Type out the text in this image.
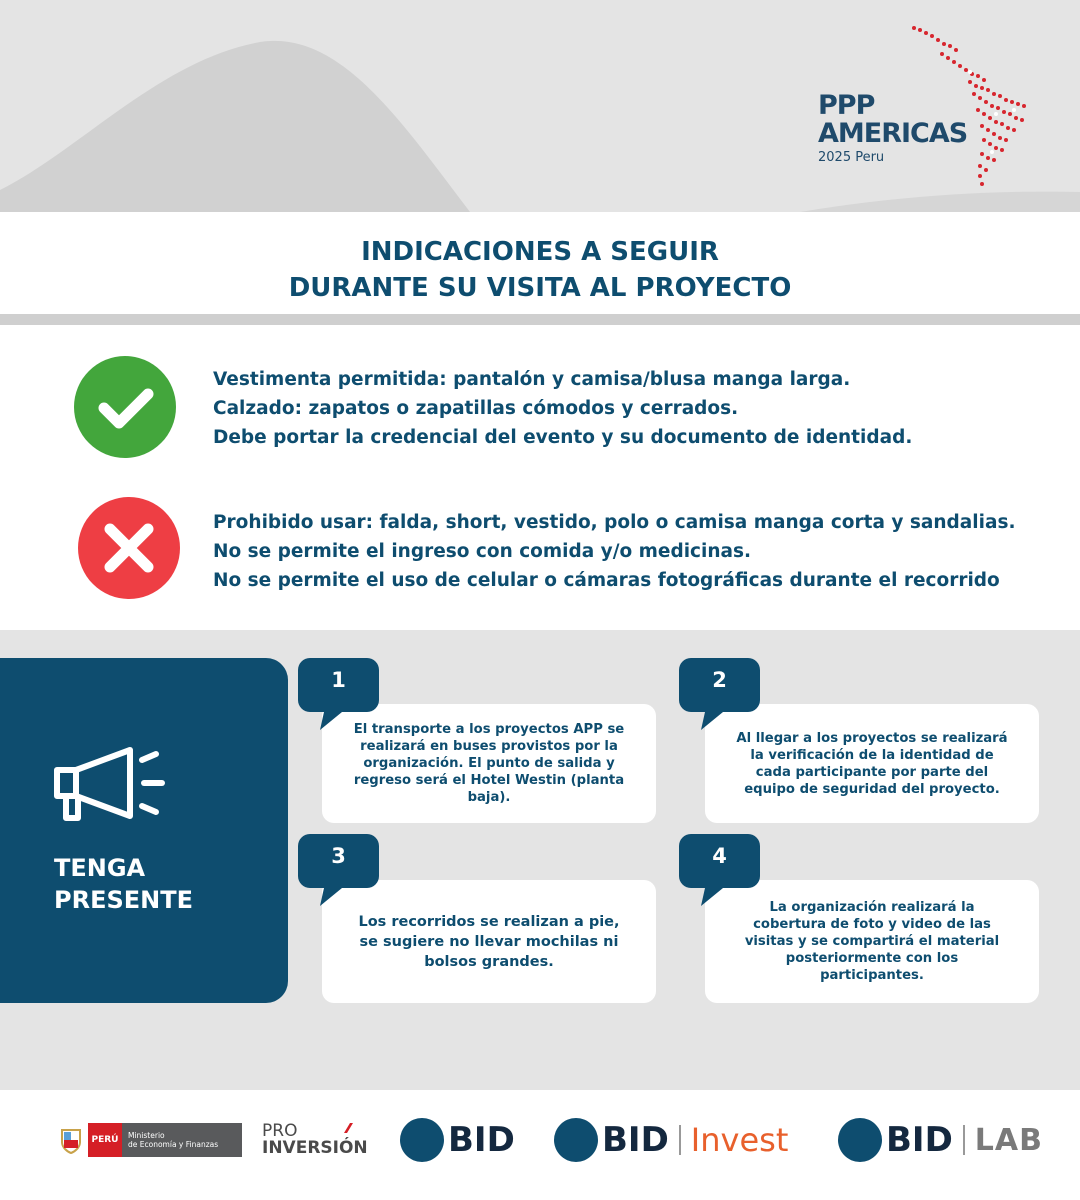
PPP
AMERICAS
2025 Peru
INDICACIONES A SEGUIR
DURANTE SU VISITA AL PROYECTO
Vestimenta permitida: pantalón y camisa/blusa manga larga.
Calzado: zapatos o zapatillas cómodos y cerrados.
Debe portar la credencial del evento y su documento de identidad.
Prohibido usar: falda, short, vestido, polo o camisa manga corta y sandalias.
No se permite el ingreso con comida y/o medicinas.
No se permite el uso de celular o cámaras fotográficas durante el recorrido
TENGA
PRESENTE
El transporte a los proyectos APP se realizará en buses provistos por la organización. El punto de salida y regreso será el Hotel Westin (planta baja).
1
Al llegar a los proyectos se realizará la verificación de la identidad de cada participante por parte del equipo de seguridad del proyecto.
2
Los recorridos se realizan a pie, se sugiere no llevar mochilas ni bolsos grandes.
3
La organización realizará la cobertura de foto y video de las visitas y se compartirá el material posteriormente con los participantes.
4
PERÚ	Ministerio
de Economía y Finanzas
PRO
INVERSIÓN BID	BID Invest	BID LAB
